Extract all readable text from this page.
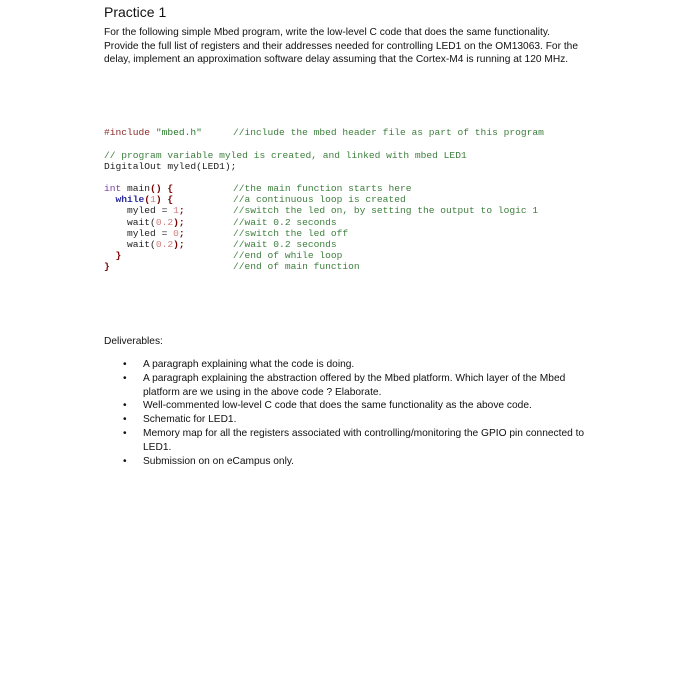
Practice 1

For the following simple Mbed program, write the low-level C code that does the same functionality. Provide the full list of registers and their addresses needed for controlling LED1 on the OM13063. For the delay, implement an approximation software delay assuming that the Cortex-M4 is running at 120 MHz.

#include "mbed.h"	//include the mbed header file as part of this program
// program variable myled is created, and linked with mbed LED1
DigitalOut myled(LED1);
int main() {
while(1) {
myled = 1;
wait(0.2);
myled = 0;
wait(0.2);
}
}
//the main function starts here
//a continuous loop is created
//switch the led on, by setting the output to logic 1
//wait 0.2 seconds
//switch the led off
//wait 0.2 seconds
//end of while loop
//end of main function

Deliverables:

• A paragraph explaining what the code is doing.
• A paragraph explaining the abstraction offered by the Mbed platform. Which layer of the Mbed platform are we using in the above code ? Elaborate.
• Well-commented low-level C code that does the same functionality as the above code.
• Schematic for LED1.
• Memory map for all the registers associated with controlling/monitoring the GPIO pin connected to LED1.
• Submission on on eCampus only.
